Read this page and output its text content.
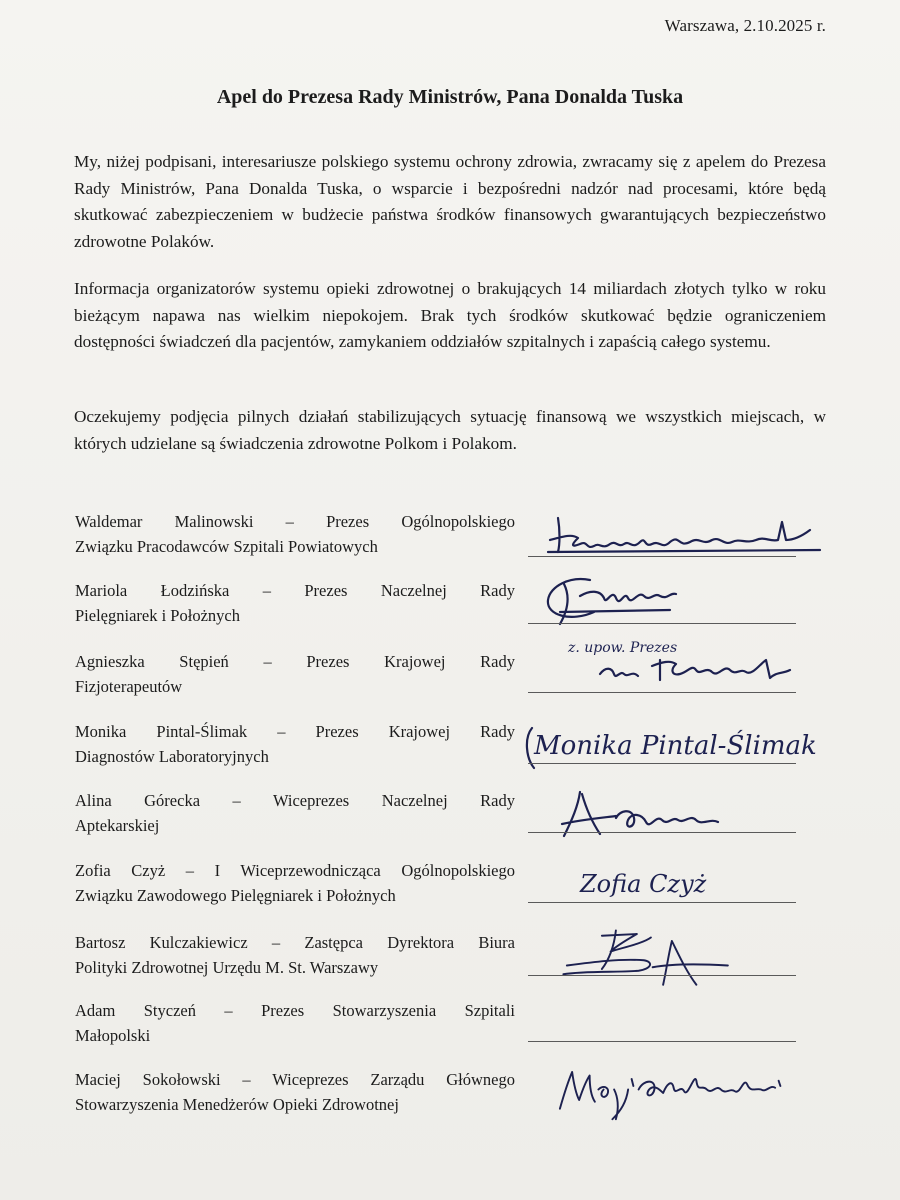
Warszawa, 2.10.2025 r.
Apel do Prezesa Rady Ministrów, Pana Donalda Tuska
My, niżej podpisani, interesariusze polskiego systemu ochrony zdrowia, zwracamy się z apelem do Prezesa Rady Ministrów, Pana Donalda Tuska, o wsparcie i bezpośredni nadzór nad procesami, które będą skutkować zabezpieczeniem w budżecie państwa środków finansowych gwarantujących bezpieczeństwo zdrowotne Polaków.
Informacja organizatorów systemu opieki zdrowotnej o brakujących 14 miliardach złotych tylko w roku bieżącym napawa nas wielkim niepokojem. Brak tych środków skutkować będzie ograniczeniem dostępności świadczeń dla pacjentów, zamykaniem oddziałów szpitalnych i zapaścią całego systemu.
Oczekujemy podjęcia pilnych działań stabilizujących sytuację finansową we wszystkich miejscach, w których udzielane są świadczenia zdrowotne Polkom i Polakom.
Waldemar Malinowski – Prezes Ogólnopolskiego
Związku Pracodawców Szpitali Powiatowych
Mariola Łodzińska – Prezes Naczelnej Rady
Pielęgniarek i Położnych
Agnieszka Stępień – Prezes Krajowej Rady
Fizjoterapeutów
z. upow. Prezes
Monika Pintal-Ślimak – Prezes Krajowej Rady
Diagnostów Laboratoryjnych	Monika Pintal-Ślimak
Alina Górecka – Wiceprezes Naczelnej Rady
Aptekarskiej
Zofia Czyż – I Wiceprzewodnicząca Ogólnopolskiego
Związku Zawodowego Pielęgniarek i Położnych	Zofia Czyż
Bartosz Kulczakiewicz – Zastępca Dyrektora Biura
Polityki Zdrowotnej Urzędu M. St. Warszawy
Adam Styczeń – Prezes Stowarzyszenia Szpitali
Małopolski
Maciej Sokołowski – Wiceprezes Zarządu Głównego
Stowarzyszenia Menedżerów Opieki Zdrowotnej
